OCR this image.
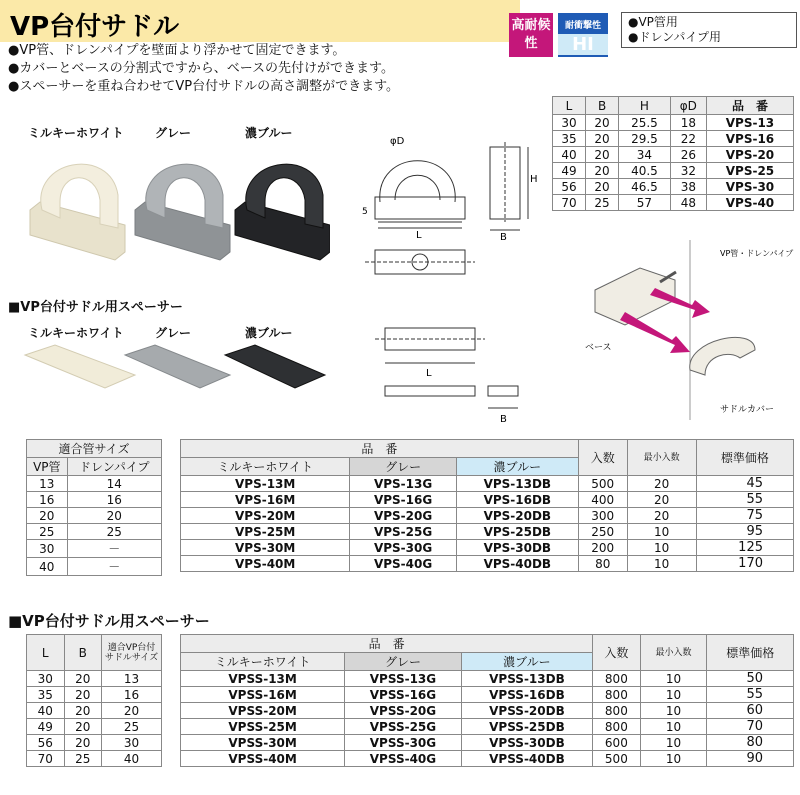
VP台付サドル	高耐候性
耐衝撃性
HI
●VP管用
●ドレンパイプ用
●VP管、ドレンパイプを壁面より浮かせて固定できます。
●カバーとベースの分割式ですから、ベースの先付けができます。
●スペーサーを重ね合わせてVP台付サドルの高さ調整ができます。
ミルキーホワイト	グレー	濃ブルー
φD
H
L	B
5
L	B	H	φD	品　番
30	20	25.5	18	VPS-13
35	20	29.5	22	VPS-16
40	20	34	26	VPS-20
49	20	40.5	32	VPS-25
56	20	46.5	38	VPS-30
70	25	57	48	VPS-40
VP管・ドレンパイプ
ベース
サドルカバー
■VP台付サドル用スペーサー
ミルキーホワイト	グレー	濃ブルー
L
B
適合管サイズ	
VP管	ドレンパイプ
13	14
16	16
20	20
25	25
30	－
40	－
品　番			入数	最小入数	標準価格
ミルキーホワイト	グレー	濃ブルー			
VPS-13M	VPS-13G	VPS-13DB	500	20	45
VPS-16M	VPS-16G	VPS-16DB	400	20	55
VPS-20M	VPS-20G	VPS-20DB	300	20	75
VPS-25M	VPS-25G	VPS-25DB	250	10	95
VPS-30M	VPS-30G	VPS-30DB	200	10	125
VPS-40M	VPS-40G	VPS-40DB	80	10	170
■VP台付サドル用スペーサー
L	B	適合VP台付サドルサイズ
30	20	13
35	20	16
40	20	20
49	20	25
56	20	30
70	25	40
品　番			入数	最小入数	標準価格
ミルキーホワイト	グレー	濃ブルー			
VPSS-13M	VPSS-13G	VPSS-13DB	800	10	50
VPSS-16M	VPSS-16G	VPSS-16DB	800	10	55
VPSS-20M	VPSS-20G	VPSS-20DB	800	10	60
VPSS-25M	VPSS-25G	VPSS-25DB	800	10	70
VPSS-30M	VPSS-30G	VPSS-30DB	600	10	80
VPSS-40M	VPSS-40G	VPSS-40DB	500	10	90
